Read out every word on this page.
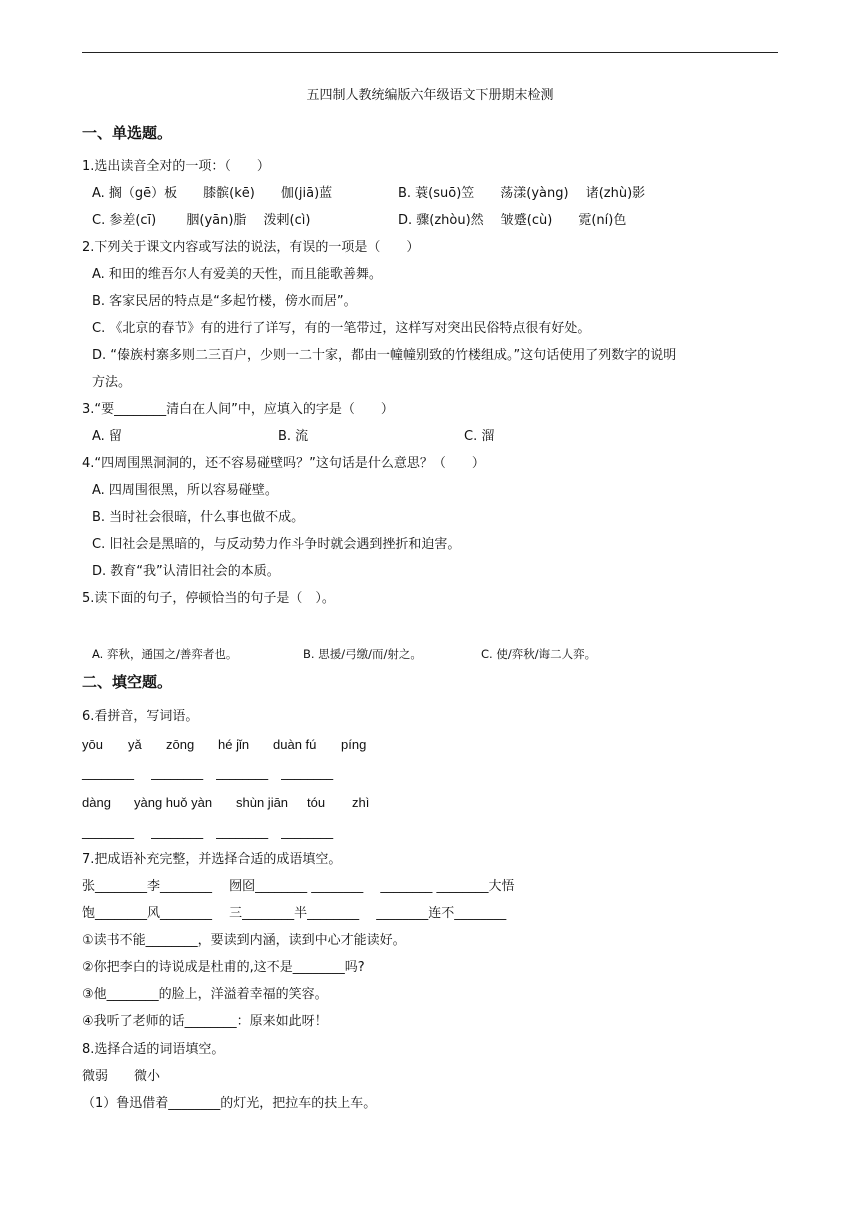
五四制人教统编版六年级语文下册期末检测
一、单选题。
1.选出读音全对的一项：（　　）
A. 搁（gē）板　　膝髌(kē)　　伽(jiā)蓝	B. 蓑(suō)笠　　荡漾(yàng)　 诸(zhù)影
C. 参差(cī)　　 胭(yān)脂　 泼剌(cì)	D. 骤(zhòu)然　 皱蹙(cù)　　霓(ní)色
2.下列关于课文内容或写法的说法，有误的一项是（　　）
A. 和田的维吾尔人有爱美的天性，而且能歌善舞。
B. 客家民居的特点是“多起竹楼，傍水而居”。
C. 《北京的春节》有的进行了详写，有的一笔带过，这样写对突出民俗特点很有好处。
D. “傣族村寨多则二三百户，少则一二十家，都由一幢幢别致的竹楼组成。”这句话使用了列数字的说明
方法。
3.“要________清白在人间”中，应填入的字是（　　）
A. 留	B. 流	C. 溜
4.“四周围黑洞洞的，还不容易碰壁吗？”这句话是什么意思？（　　）
A. 四周围很黑，所以容易碰壁。
B. 当时社会很暗，什么事也做不成。
C. 旧社会是黑暗的，与反动势力作斗争时就会遇到挫折和迫害。
D. 教育“我”认清旧社会的本质。
5.读下面的句子，停顿恰当的句子是（　）。
A. 弈秋，通国之/善弈者也。	B. 思援/弓缴/而/射之。	C. 使/弈秋/诲二人弈。
二、填空题。
6.看拼音，写词语。
yōu yǎ zōng hé jǐn duàn fú píng
________　 ________　________　________
dàng yàng huǒ yàn shùn jiān tóu zhì
________　 ________　________　________
7.把成语补充完整，并选择合适的成语填空。
张________李________　 囫囵________ ________　 ________ ________大悟
饱________风________　 三________半________　 ________连不________
①读书不能________，要读到内涵，读到中心才能读好。
②你把李白的诗说成是杜甫的,这不是________吗?
③他________的脸上，洋溢着幸福的笑容。
④我听了老师的话________：原来如此呀！
8.选择合适的词语填空。
微弱　　微小
（1）鲁迅借着________的灯光，把拉车的扶上车。
